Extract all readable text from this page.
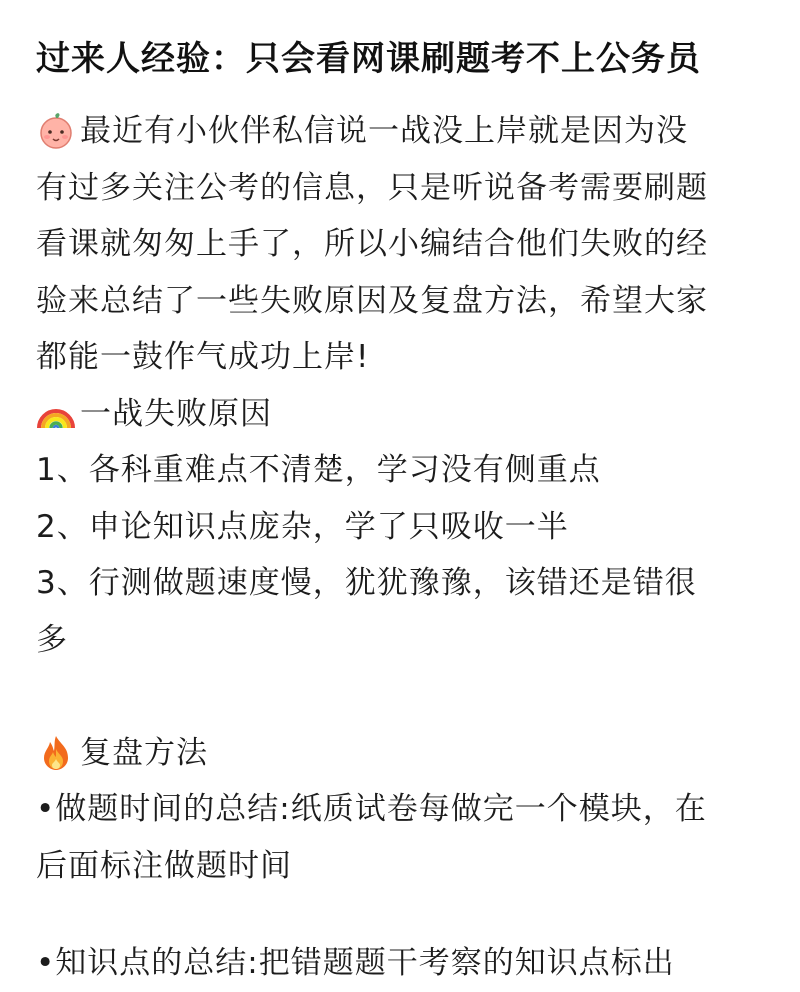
过来人经验：只会看网课刷题考不上公务员
最近有小伙伴私信说一战没上岸就是因为没
有过多关注公考的信息，只是听说备考需要刷题
看课就匆匆上手了，所以小编结合他们失败的经
验来总结了一些失败原因及复盘方法，希望大家
都能一鼓作气成功上岸!
一战失败原因
1、各科重难点不清楚，学习没有侧重点
2、申论知识点庞杂，学了只吸收一半
3、行测做题速度慢，犹犹豫豫，该错还是错很
多
复盘方法
•做题时间的总结:纸质试卷每做完一个模块，在
后面标注做题时间
•知识点的总结:把错题题干考察的知识点标出
